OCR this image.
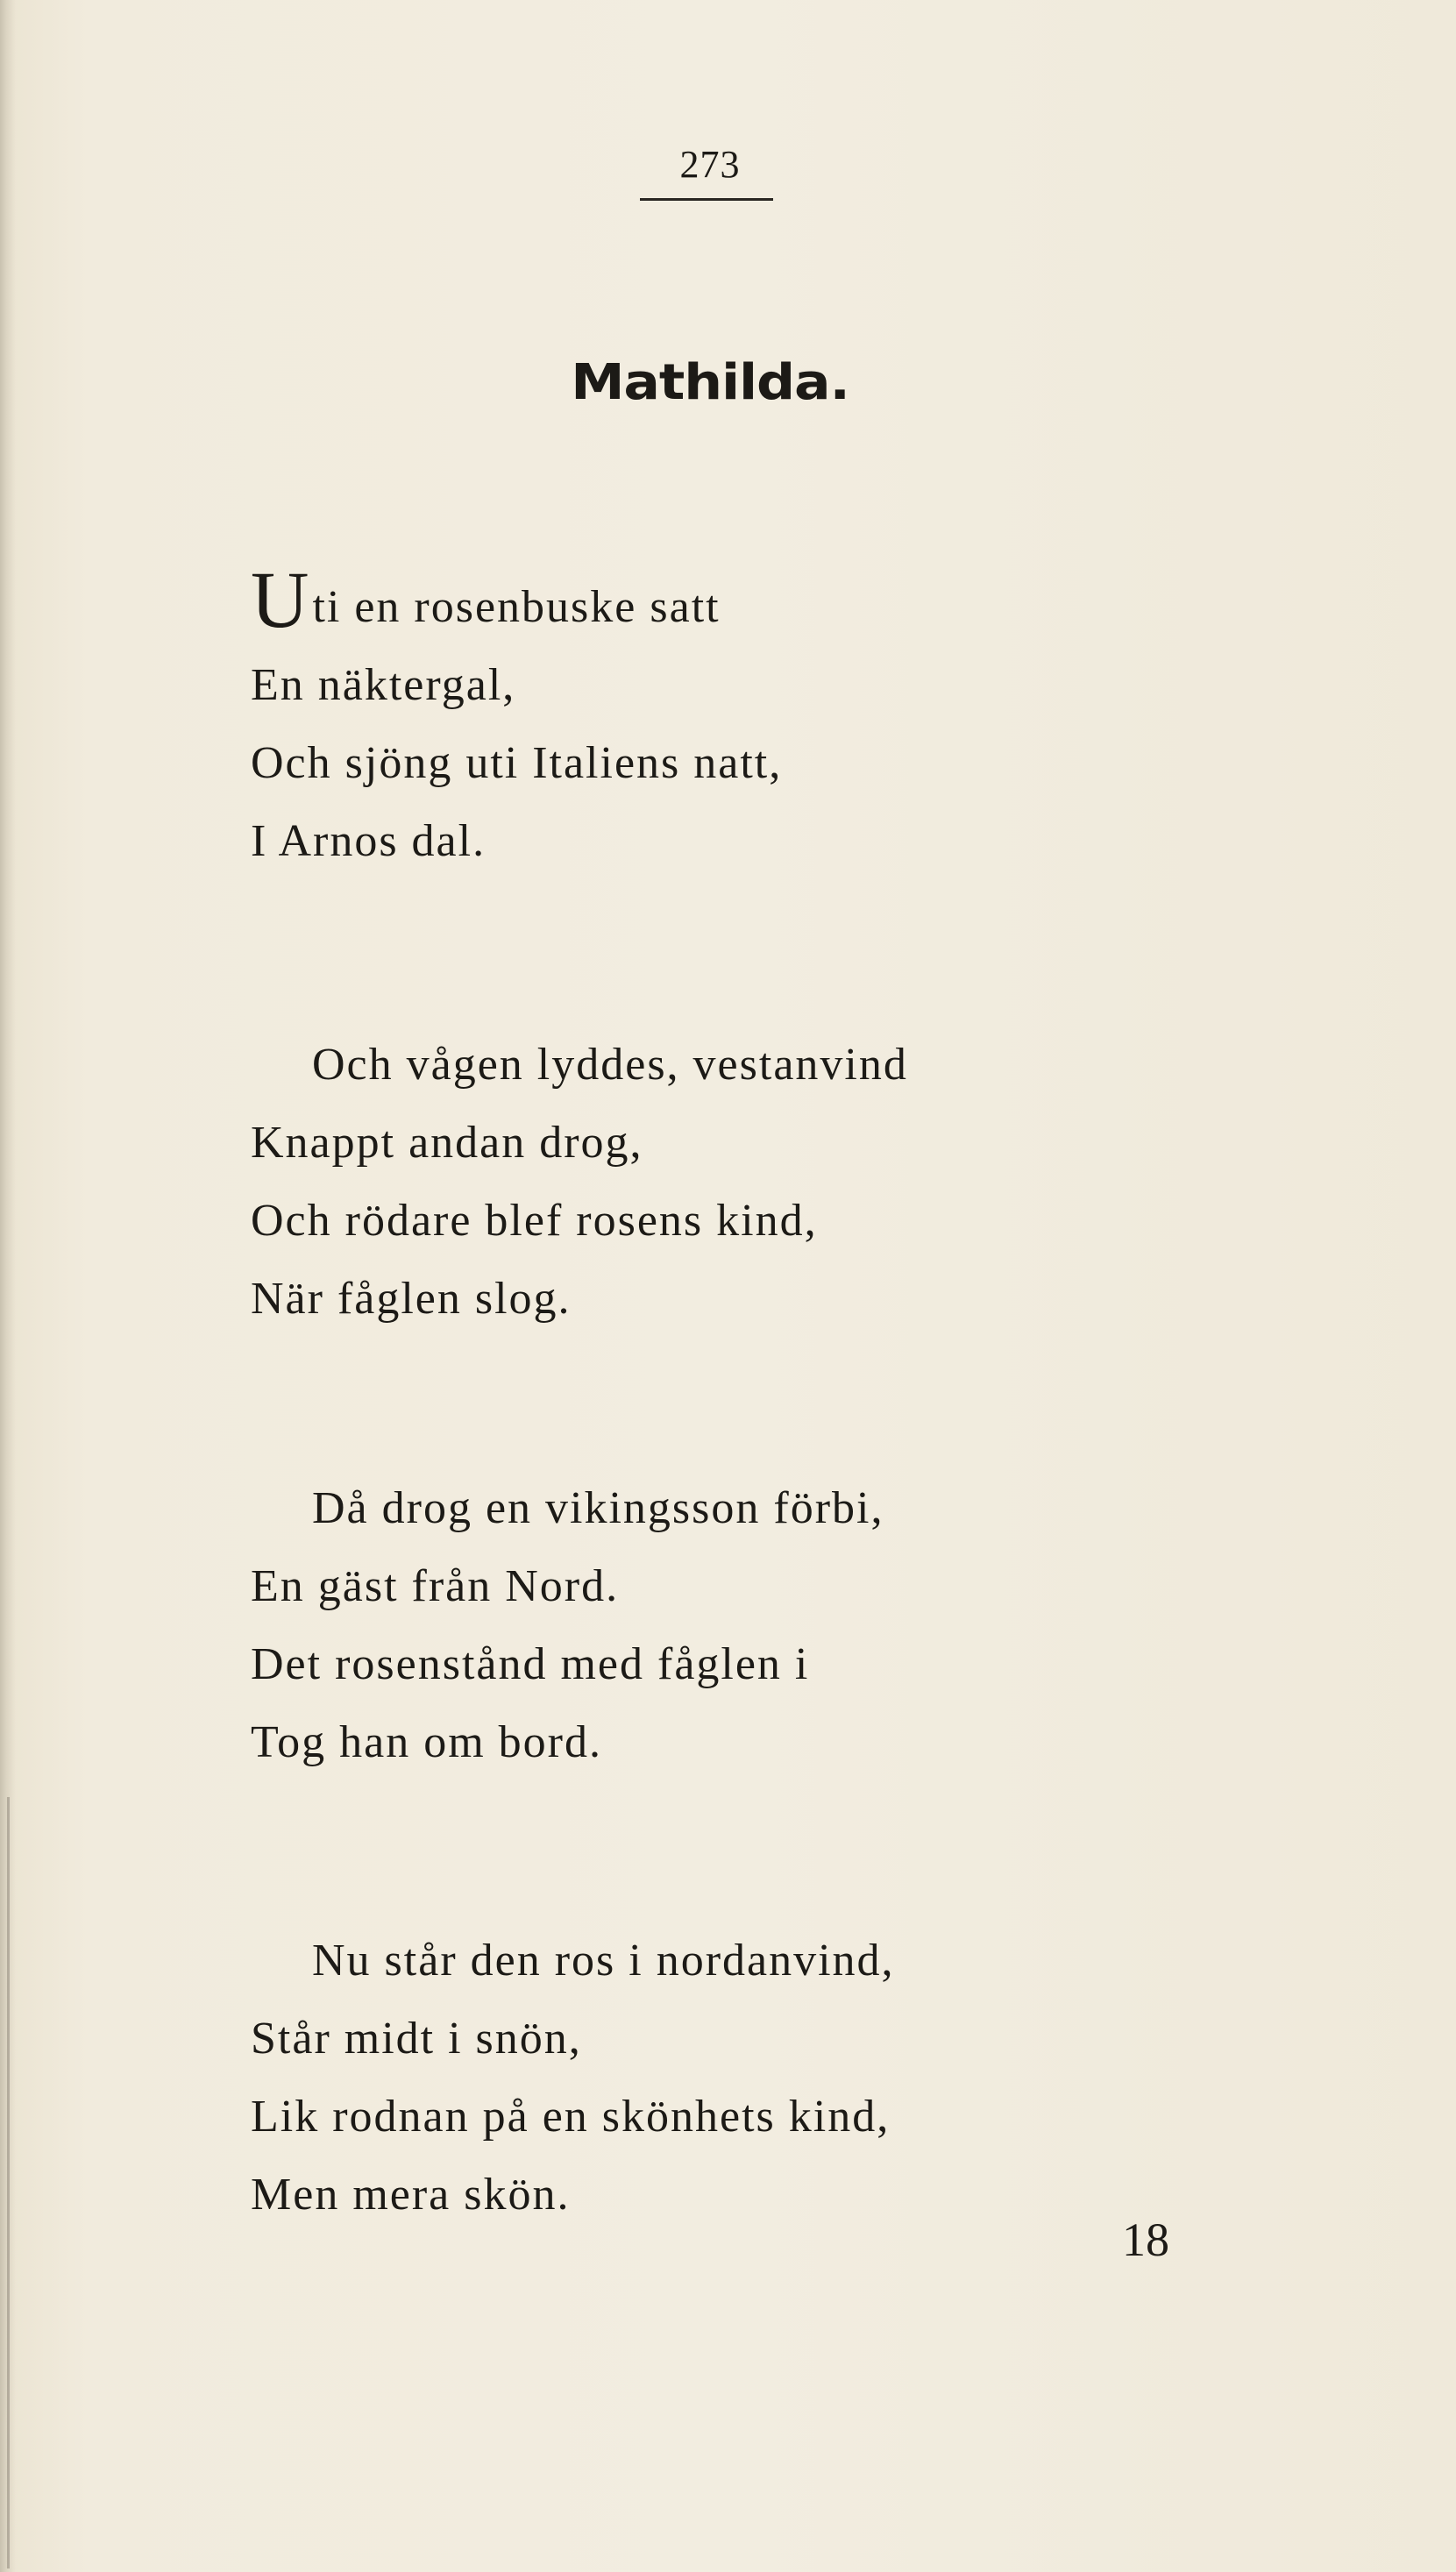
273
Mathilda.
Uti en rosenbuske satt
En näktergal,
Och sjöng uti Italiens natt,
I Arnos dal.
Och vågen lyddes, vestanvind
Knappt andan drog,
Och rödare blef rosens kind,
När fåglen slog.
Då drog en vikingsson förbi,
En gäst från Nord.
Det rosenstånd med fåglen i
Tog han om bord.
Nu står den ros i nordanvind,
Står midt i snön,
Lik rodnan på en skönhets kind,
Men mera skön.
18
